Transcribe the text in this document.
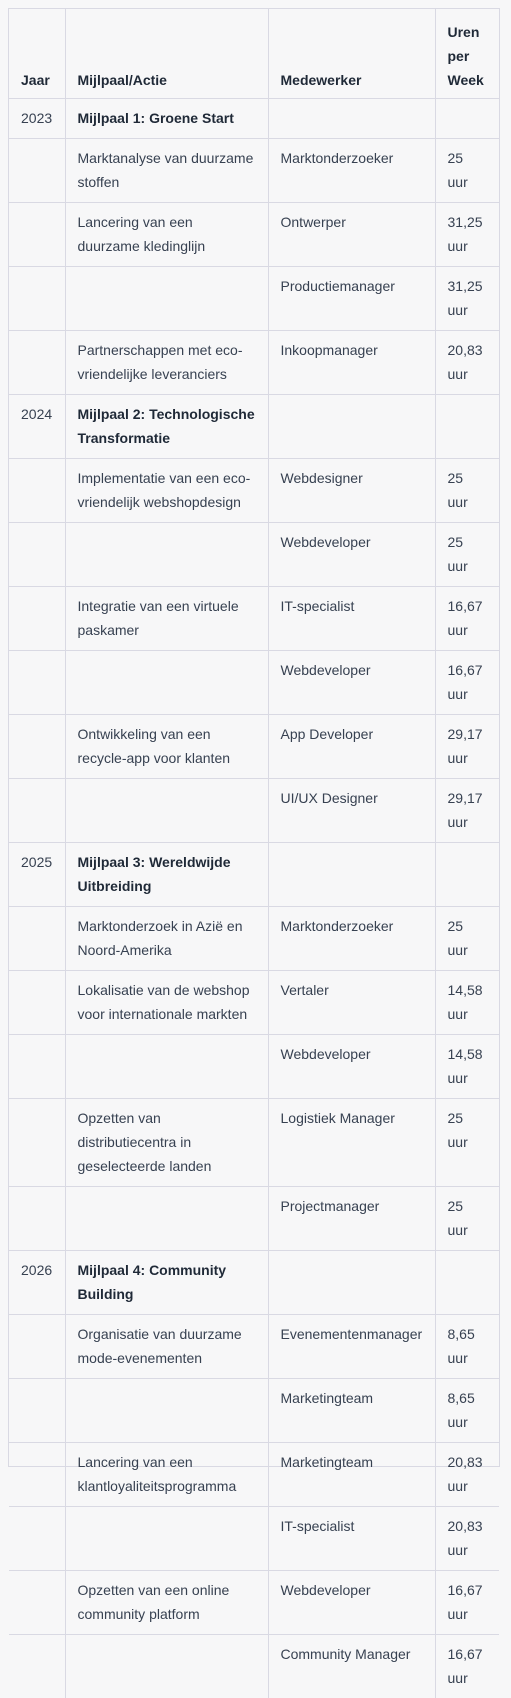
Jaar	Mijlpaal/Actie	Medewerker	Uren per Week
2023	Mijlpaal 1: Groene Start		
	Marktanalyse van duurzame stoffen	Marktonderzoeker	25 uur
	Lancering van een duurzame kledinglijn	Ontwerper	31,25 uur
		Productiemanager	31,25 uur
	Partnerschappen met eco-vriendelijke leveranciers	Inkoopmanager	20,83 uur
2024	Mijlpaal 2: Technologische Transformatie		
	Implementatie van een eco-vriendelijk webshopdesign	Webdesigner	25 uur
		Webdeveloper	25 uur
	Integratie van een virtuele paskamer	IT-specialist	16,67 uur
		Webdeveloper	16,67 uur
	Ontwikkeling van een recycle-app voor klanten	App Developer	29,17 uur
		UI/UX Designer	29,17 uur
2025	Mijlpaal 3: Wereldwijde Uitbreiding		
	Marktonderzoek in Azië en Noord-Amerika	Marktonderzoeker	25 uur
	Lokalisatie van de webshop voor internationale markten	Vertaler	14,58 uur
		Webdeveloper	14,58 uur
	Opzetten van distributiecentra in geselecteerde landen	Logistiek Manager	25 uur
		Projectmanager	25 uur
2026	Mijlpaal 4: Community Building		
	Organisatie van duurzame mode-evenementen	Evenementenmanager	8,65 uur
		Marketingteam	8,65 uur
	Lancering van een klantloyaliteitsprogramma	Marketingteam	20,83 uur
		IT-specialist	20,83 uur
	Opzetten van een online community platform	Webdeveloper	16,67 uur
		Community Manager	16,67 uur
